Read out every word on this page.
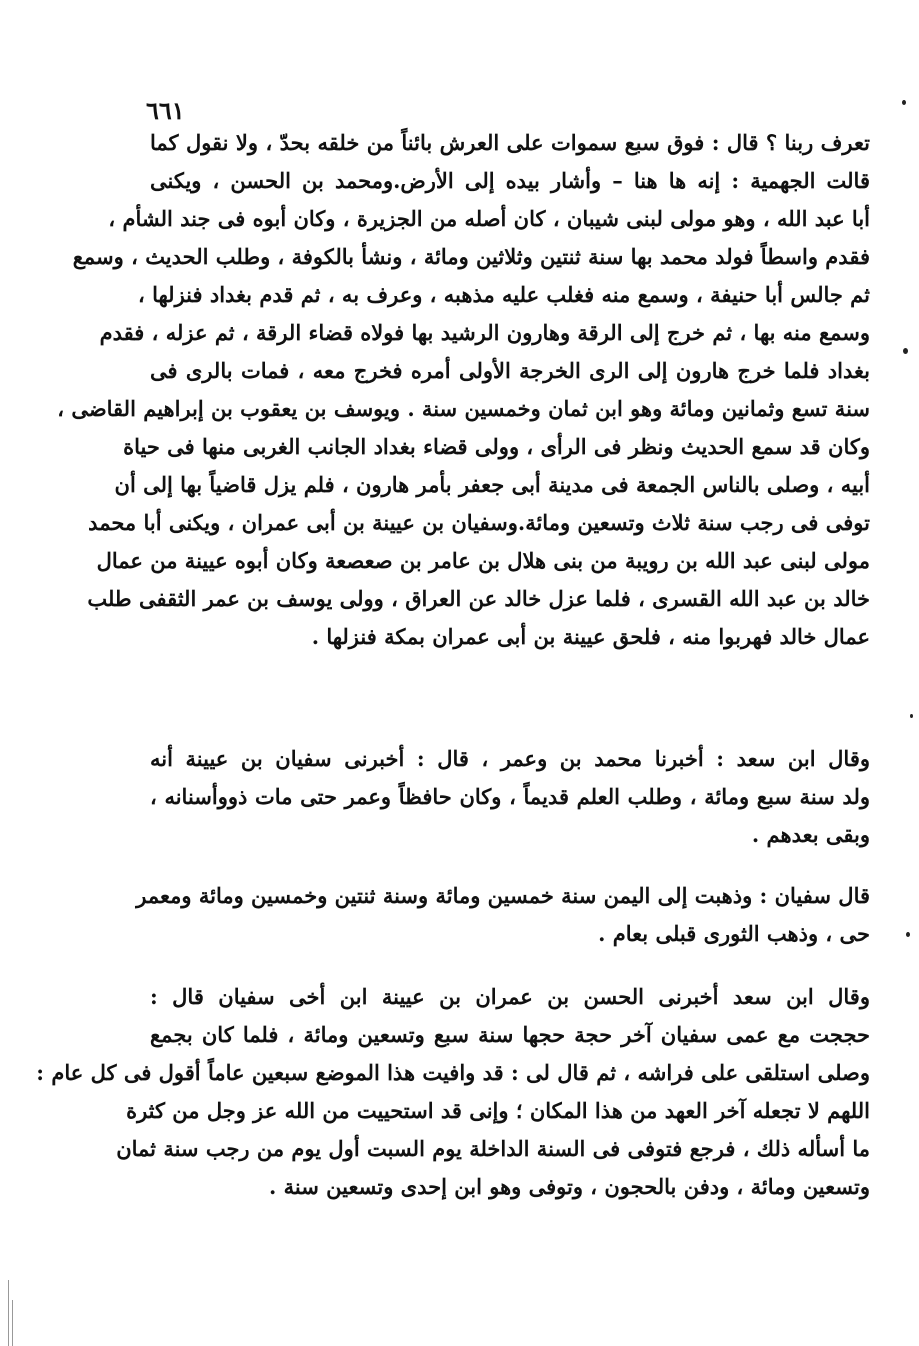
٦٦١
تعرف ربنا ؟ قال : فوق سبع سموات على العرش بائناً من خلقه بحدّ ، ولا نقول كما
قالت الجهمية : إنه ها هنا – وأشار بيده إلى الأرض.ومحمد بن الحسن ، ويكنى
أبا عبد الله ، وهو مولى لبنى شيبان ، كان أصله من الجزيرة ، وكان أبوه فى جند الشأم ،
فقدم واسطاً فولد محمد بها سنة ثنتين وثلاثين ومائة ، ونشأ بالكوفة ، وطلب الحديث ، وسمع
ثم جالس أبا حنيفة ، وسمع منه فغلب عليه مذهبه ، وعرف به ، ثم قدم بغداد فنزلها ،
وسمع منه بها ، ثم خرج إلى الرقة وهارون الرشيد بها فولاه قضاء الرقة ، ثم عزله ، فقدم
بغداد فلما خرج هارون إلى الرى الخرجة الأولى أمره فخرج معه ، فمات بالرى فى
سنة تسع وثمانين ومائة وهو ابن ثمان وخمسين سنة . ويوسف بن يعقوب بن إبراهيم القاضى ،
وكان قد سمع الحديث ونظر فى الرأى ، وولى قضاء بغداد الجانب الغربى منها فى حياة
أبيه ، وصلى بالناس الجمعة فى مدينة أبى جعفر بأمر هارون ، فلم يزل قاضياً بها إلى أن
توفى فى رجب سنة ثلاث وتسعين ومائة.وسفيان بن عيينة بن أبى عمران ، ويكنى أبا محمد
مولى لبنى عبد الله بن رويبة من بنى هلال بن عامر بن صعصعة وكان أبوه عيينة من عمال
خالد بن عبد الله القسرى ، فلما عزل خالد عن العراق ، وولى يوسف بن عمر الثقفى طلب
عمال خالد فهربوا منه ، فلحق عيينة بن أبى عمران بمكة فنزلها .
وقال ابن سعد : أخبرنا محمد بن وعمر ، قال : أخبرنى سفيان بن عيينة أنه
ولد سنة سبع ومائة ، وطلب العلم قديماً ، وكان حافظاً وعمر حتى مات ذووأسنانه ،
وبقى بعدهم .
قال سفيان : وذهبت إلى اليمن سنة خمسين ومائة وسنة ثنتين وخمسين ومائة ومعمر
حى ، وذهب الثورى قبلى بعام .
وقال ابن سعد أخبرنى الحسن بن عمران بن عيينة ابن أخى سفيان قال :
حججت مع عمى سفيان آخر حجة حجها سنة سبع وتسعين ومائة ، فلما كان بجمع
وصلى استلقى على فراشه ، ثم قال لى : قد وافيت هذا الموضع سبعين عاماً أقول فى كل عام :
اللهم لا تجعله آخر العهد من هذا المكان ؛ وإنى قد استحييت من الله عز وجل من كثرة
ما أسأله ذلك ، فرجع فتوفى فى السنة الداخلة يوم السبت أول يوم من رجب سنة ثمان
وتسعين ومائة ، ودفن بالحجون ، وتوفى وهو ابن إحدى وتسعين سنة .
